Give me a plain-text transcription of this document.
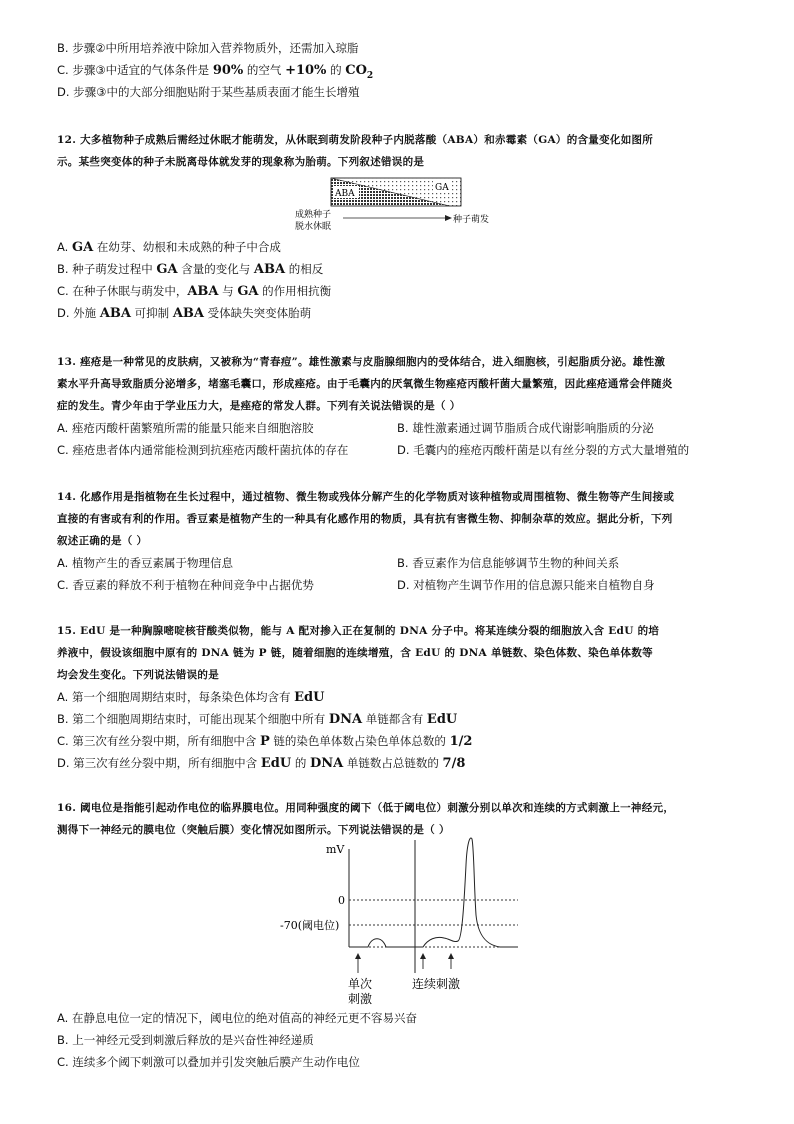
B. 步骤②中所用培养液中除加入营养物质外，还需加入琼脂
C. 步骤③中适宜的气体条件是 90% 的空气 +10% 的 $CO_2$
D. 步骤③中的大部分细胞贴附于某些基质表面才能生长增殖
12. 大多植物种子成熟后需经过休眠才能萌发，从休眠到萌发阶段种子内脱落酸（ABA）和赤霉素（GA）的含量变化如图所
示。某些突变体的种子未脱离母体就发芽的现象称为胎萌。下列叙述错误的是
ABA
GA
成熟种子
脱水休眠
种子萌发
A. GA 在幼芽、幼根和未成熟的种子中合成
B. 种子萌发过程中 GA 含量的变化与 ABA 的相反
C. 在种子休眠与萌发中，ABA 与 GA 的作用相抗衡
D. 外施 ABA 可抑制 ABA 受体缺失突变体胎萌
13. 痤疮是一种常见的皮肤病，又被称为“青春痘”。雄性激素与皮脂腺细胞内的受体结合，进入细胞核，引起脂质分泌。雄性激
素水平升高导致脂质分泌增多，堵塞毛囊口，形成痤疮。由于毛囊内的厌氧微生物痤疮丙酸杆菌大量繁殖，因此痤疮通常会伴随炎
症的发生。青少年由于学业压力大，是痤疮的常发人群。下列有关说法错误的是（ ）
A. 痤疮丙酸杆菌繁殖所需的能量只能来自细胞溶胶	B. 雄性激素通过调节脂质合成代谢影响脂质的分泌
C. 痤疮患者体内通常能检测到抗痤疮丙酸杆菌抗体的存在	D. 毛囊内的痤疮丙酸杆菌是以有丝分裂的方式大量增殖的
14. 化感作用是指植物在生长过程中，通过植物、微生物或残体分解产生的化学物质对该种植物或周围植物、微生物等产生间接或
直接的有害或有利的作用。香豆素是植物产生的一种具有化感作用的物质，具有抗有害微生物、抑制杂草的效应。据此分析，下列
叙述正确的是（ ）
A. 植物产生的香豆素属于物理信息	B. 香豆素作为信息能够调节生物的种间关系
C. 香豆素的释放不利于植物在种间竞争中占据优势	D. 对植物产生调节作用的信息源只能来自植物自身
15. EdU 是一种胸腺嘧啶核苷酸类似物，能与 A 配对掺入正在复制的 DNA 分子中。将某连续分裂的细胞放入含 EdU 的培
养液中，假设该细胞中原有的 DNA 链为 P 链，随着细胞的连续增殖，含 EdU 的 DNA 单链数、染色体数、染色单体数等
均会发生变化。下列说法错误的是
A. 第一个细胞周期结束时，每条染色体均含有 EdU
B. 第二个细胞周期结束时，可能出现某个细胞中所有 DNA 单链都含有 EdU
C. 第三次有丝分裂中期，所有细胞中含 P 链的染色单体数占染色单体总数的 1/2
D. 第三次有丝分裂中期，所有细胞中含 EdU 的 DNA 单链数占总链数的 7/8
16. 阈电位是指能引起动作电位的临界膜电位。用同种强度的阈下（低于阈电位）刺激分别以单次和连续的方式刺激上一神经元，
测得下一神经元的膜电位（突触后膜）变化情况如图所示。下列说法错误的是（ ）
mV
0
-70(阈电位)
单次
刺激
连续刺激
A. 在静息电位一定的情况下，阈电位的绝对值高的神经元更不容易兴奋
B. 上一神经元受到刺激后释放的是兴奋性神经递质
C. 连续多个阈下刺激可以叠加并引发突触后膜产生动作电位
